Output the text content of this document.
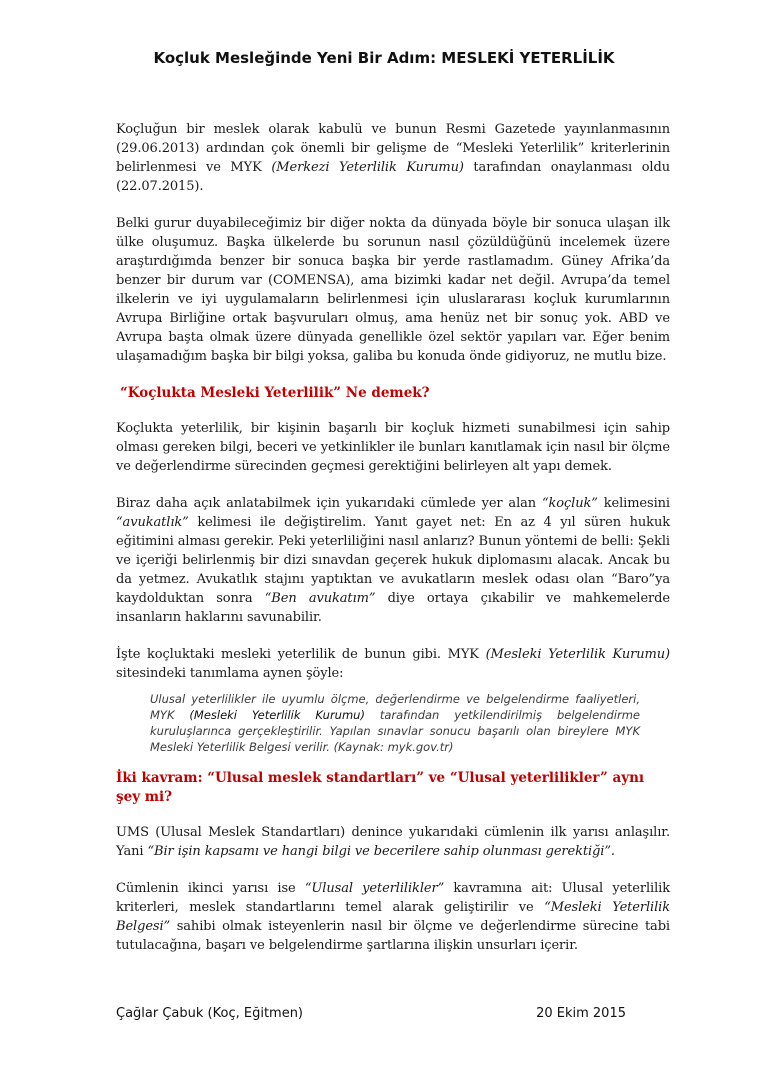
Koçluk Mesleğinde Yeni Bir Adım: MESLEKİ YETERLİLİK

Koçluğun bir meslek olarak kabulü ve bunun Resmi Gazetede yayınlanmasının (29.06.2013) ardından çok önemli bir gelişme de “Mesleki Yeterlilik” kriterlerinin belirlenmesi ve MYK (Merkezi Yeterlilik Kurumu) tarafından onaylanması oldu (22.07.2015).

Belki gurur duyabileceğimiz bir diğer nokta da dünyada böyle bir sonuca ulaşan ilk ülke oluşumuz. Başka ülkelerde bu sorunun nasıl çözüldüğünü incelemek üzere araştırdığımda benzer bir sonuca başka bir yerde rastlamadım. Güney Afrika’da benzer bir durum var (COMENSA), ama bizimki kadar net değil. Avrupa’da temel ilkelerin ve iyi uygulamaların belirlenmesi için uluslararası koçluk kurumlarının Avrupa Birliğine ortak başvuruları olmuş, ama henüz net bir sonuç yok. ABD ve Avrupa başta olmak üzere dünyada genellikle özel sektör yapıları var. Eğer benim ulaşamadığım başka bir bilgi yoksa, galiba bu konuda önde gidiyoruz, ne mutlu bize.

“Koçlukta Mesleki Yeterlilik” Ne demek?

Koçlukta yeterlilik, bir kişinin başarılı bir koçluk hizmeti sunabilmesi için sahip olması gereken bilgi, beceri ve yetkinlikler ile bunları kanıtlamak için nasıl bir ölçme ve değerlendirme sürecinden geçmesi gerektiğini belirleyen alt yapı demek.

Biraz daha açık anlatabilmek için yukarıdaki cümlede yer alan “koçluk” kelimesini “avukatlık” kelimesi ile değiştirelim. Yanıt gayet net: En az 4 yıl süren hukuk eğitimini alması gerekir. Peki yeterliliğini nasıl anlarız? Bunun yöntemi de belli: Şekli ve içeriği belirlenmiş bir dizi sınavdan geçerek hukuk diplomasını alacak. Ancak bu da yetmez. Avukatlık stajını yaptıktan ve avukatların meslek odası olan “Baro”ya kaydolduktan sonra “Ben avukatım” diye ortaya çıkabilir ve mahkemelerde insanların haklarını savunabilir.

İşte koçluktaki mesleki yeterlilik de bunun gibi. MYK (Mesleki Yeterlilik Kurumu) sitesindeki tanımlama aynen şöyle:

Ulusal yeterlilikler ile uyumlu ölçme, değerlendirme ve belgelendirme faaliyetleri, MYK (Mesleki Yeterlilik Kurumu) tarafından yetkilendirilmiş belgelendirme kuruluşlarınca gerçekleştirilir. Yapılan sınavlar sonucu başarılı olan bireylere MYK Mesleki Yeterlilik Belgesi verilir. (Kaynak: myk.gov.tr)
İki kavram: “Ulusal meslek standartları” ve “Ulusal yeterlilikler” aynı şey mi?

UMS (Ulusal Meslek Standartları) denince yukarıdaki cümlenin ilk yarısı anlaşılır. Yani “Bir işin kapsamı ve hangi bilgi ve becerilere sahip olunması gerektiği”.

Cümlenin ikinci yarısı ise “Ulusal yeterlilikler” kavramına ait: Ulusal yeterlilik kriterleri, meslek standartlarını temel alarak geliştirilir ve “Mesleki Yeterlilik Belgesi” sahibi olmak isteyenlerin nasıl bir ölçme ve değerlendirme sürecine tabi tutulacağına, başarı ve belgelendirme şartlarına ilişkin unsurları içerir.

Çağlar Çabuk (Koç, Eğitmen)	20 Ekim 2015
